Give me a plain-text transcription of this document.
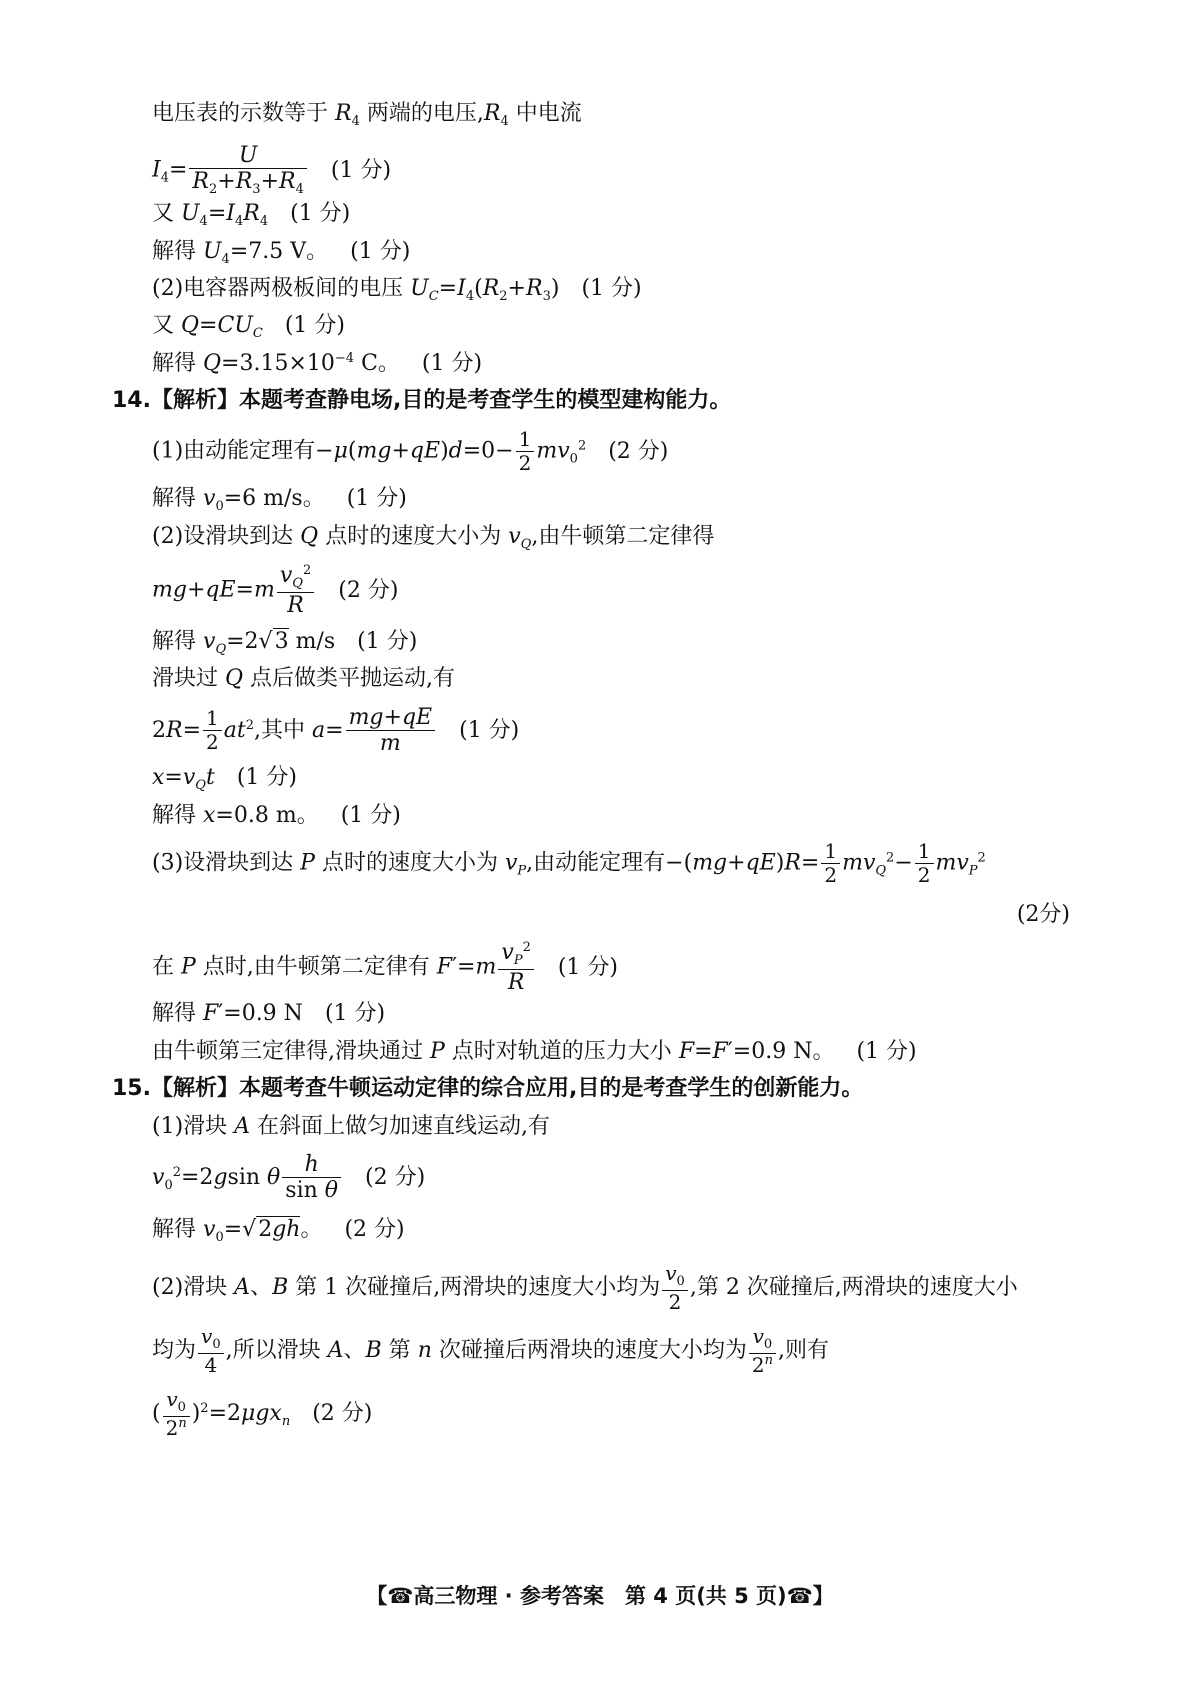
电压表的示数等于 $R_4$ 两端的电压$,R_4$ 中电流
$I_4= \frac{U}{R_2+R_3+R_4} (1$ 分)
又 $U_4=I_4R_4$ (1 分)
解得 $U_4=7.5$ V。 (1 分)
(2)电容器两极板间的电压 $U_C=I_4(R_2+R_3)$ (1 分)
又 $Q=CU_C$ (1 分)
解得 $Q=3.15\times 10^{-4}$ C。 (1 分)
14.【解析】本题考查静电场,目的是考查学生的模型建构能力。
(1)由动能定理有$-\mu(mg+qE)d=0- \frac{1}{2} mv_0^2$ (2 分)
解得 $v_0=6$ m/s。 (1 分)
(2)设滑块到达 Q 点时的速度大小为 $v_Q$,由牛顿第二定律得
$mg+qE=m \frac{v_Q^2}{R} (2$ 分)
解得 $v_Q=2√3$ m/s (1 分)
滑块过 Q 点后做类平抛运动,有
$2R= \frac{1}{2} at^2$,其中 $a= \frac{mg+qE}{m} (1$ 分)
$x=v_Qt$ (1 分)
解得 x=0.8 m。 (1 分)
(3)设滑块到达 P 点时的速度大小为 $v_P$,由动能定理有$-(mg+qE)R= \frac{1}{2} mv_Q^2- \frac{1}{2} mv_P^2$
(2分)
在 P 点时,由牛顿第二定律有 $F'=m \frac{v_P^2}{R} (1$ 分)
解得 F′=0.9 N (1 分)
由牛顿第三定律得,滑块通过 P 点时对轨道的压力大小 F=F′=0.9 N。 (1 分)
15.【解析】本题考查牛顿运动定律的综合应用,目的是考查学生的创新能力。
(1)滑块 A 在斜面上做匀加速直线运动,有
$v_0^2=2gsin$ θ $\frac{h}{\text{sin θ}} (2$ 分)
解得 $v_0=√2gh$。 (2 分)
(2)滑块 A、B 第 1 次碰撞后,两滑块的速度大小均为 $\frac{v_0}{2}$ ,第 2 次碰撞后,两滑块的速度大小
均为 $\frac{v_0}{4}$ ,所以滑块 A、B 第 n 次碰撞后两滑块的速度大小均为 $\frac{v_0}{2^n}$ ,则有
( $\frac{v_0}{2^n} )^2=2\mu gx_n$ (2 分)
【☎高三物理 · 参考答案　第 4 页(共 5 页)☎】
